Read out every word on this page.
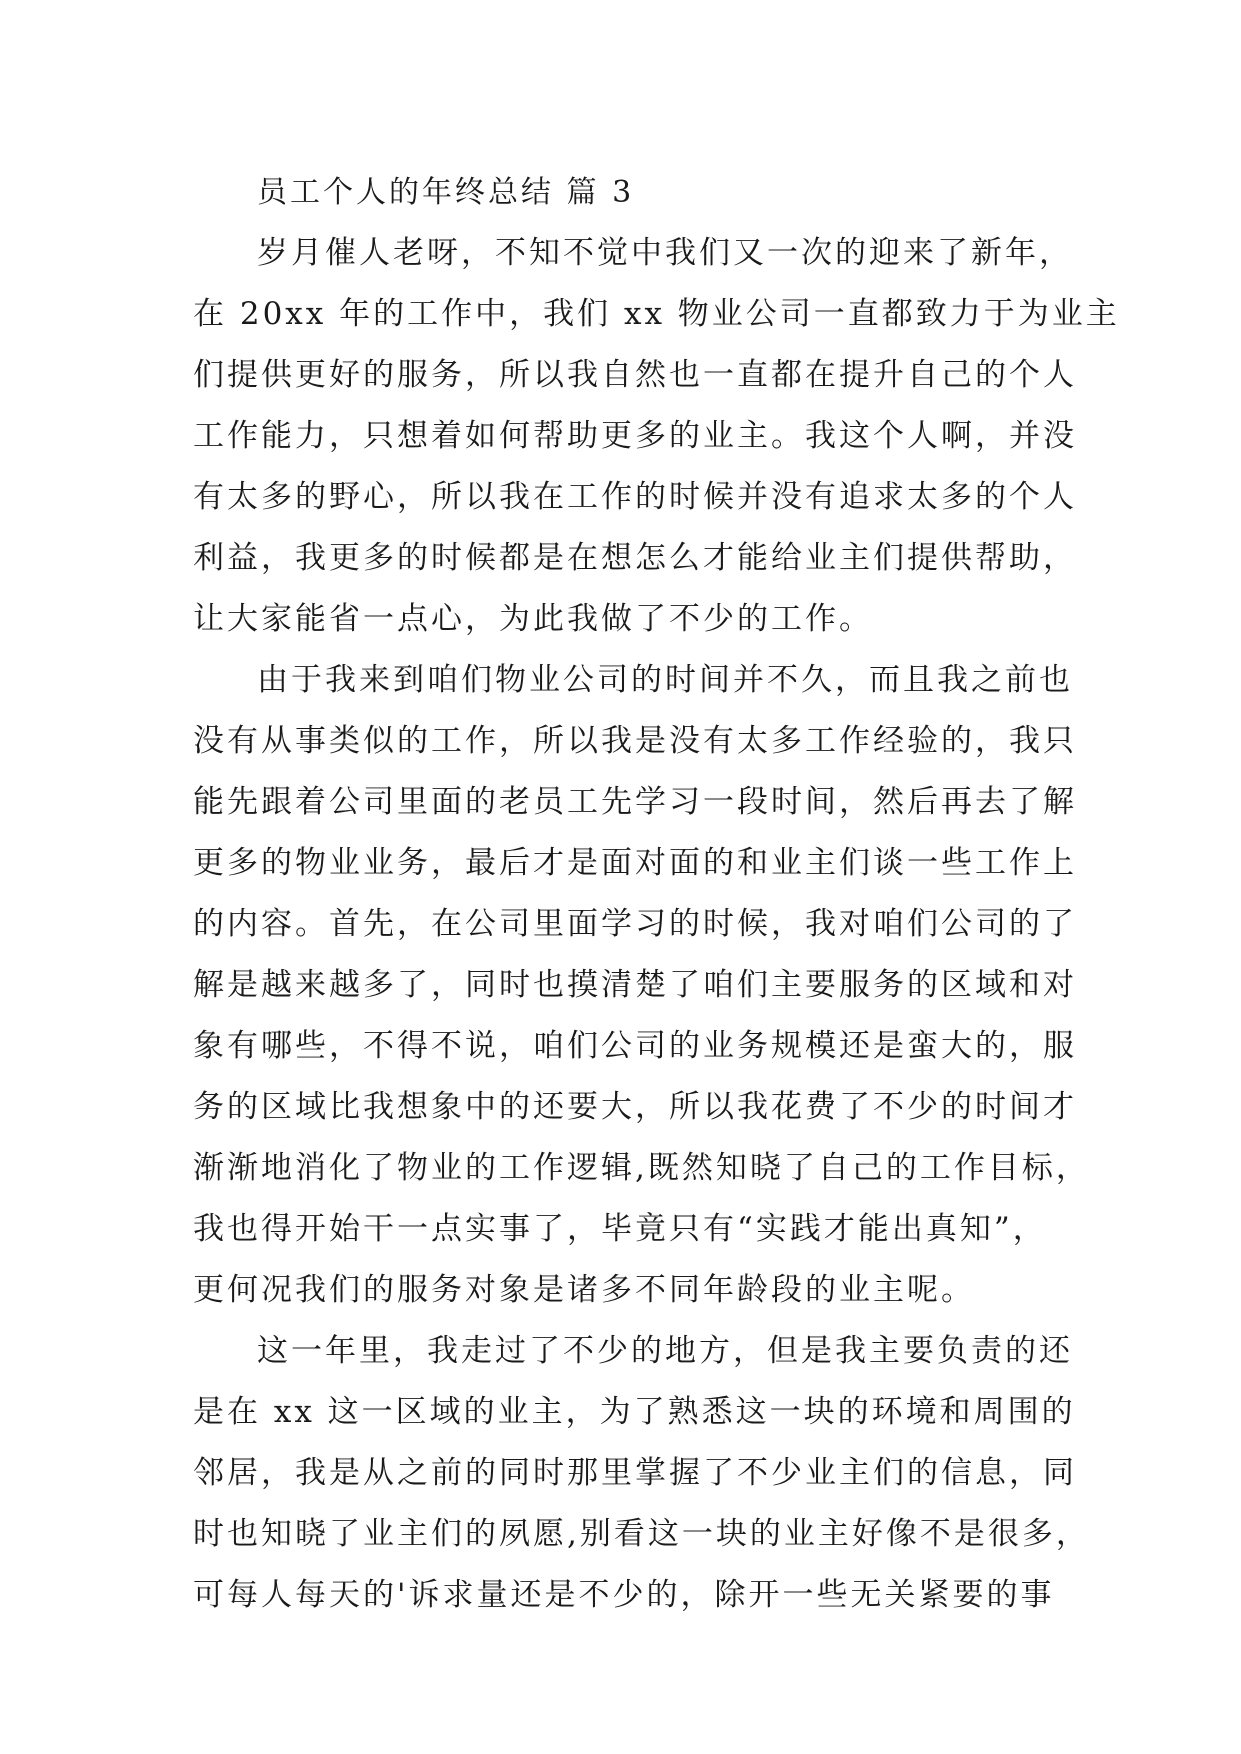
员工个人的年终总结 篇 3
岁月催人老呀，不知不觉中我们又一次的迎来了新年，
在 20xx 年的工作中，我们 xx 物业公司一直都致力于为业主
们提供更好的服务，所以我自然也一直都在提升自己的个人
工作能力，只想着如何帮助更多的业主。我这个人啊，并没
有太多的野心，所以我在工作的时候并没有追求太多的个人
利益，我更多的时候都是在想怎么才能给业主们提供帮助，
让大家能省一点心，为此我做了不少的工作。
由于我来到咱们物业公司的时间并不久，而且我之前也
没有从事类似的工作，所以我是没有太多工作经验的，我只
能先跟着公司里面的老员工先学习一段时间，然后再去了解
更多的物业业务，最后才是面对面的和业主们谈一些工作上
的内容。首先，在公司里面学习的时候，我对咱们公司的了
解是越来越多了，同时也摸清楚了咱们主要服务的区域和对
象有哪些，不得不说，咱们公司的业务规模还是蛮大的，服
务的区域比我想象中的还要大，所以我花费了不少的时间才
渐渐地消化了物业的工作逻辑,既然知晓了自己的工作目标，
我也得开始干一点实事了，毕竟只有“实践才能出真知”，
更何况我们的服务对象是诸多不同年龄段的业主呢。
这一年里，我走过了不少的地方，但是我主要负责的还
是在 xx 这一区域的业主，为了熟悉这一块的环境和周围的
邻居，我是从之前的同时那里掌握了不少业主们的信息，同
时也知晓了业主们的夙愿,别看这一块的业主好像不是很多，
可每人每天的'诉求量还是不少的，除开一些无关紧要的事
